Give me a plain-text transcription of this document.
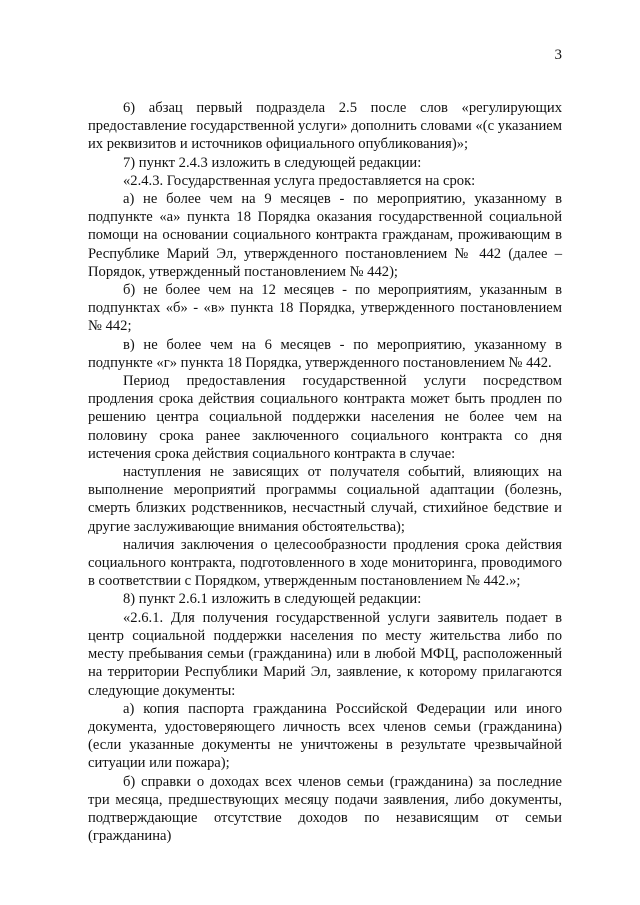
3

6) абзац первый подраздела 2.5 после слов «регулирующих предоставление государственной услуги» дополнить словами «(с указанием их реквизитов и источников официального опубликования)»;

7) пункт 2.4.3 изложить в следующей редакции:

«2.4.3. Государственная услуга предоставляется на срок:

а) не более чем на 9 месяцев - по мероприятию, указанному в подпункте «а» пункта 18 Порядка оказания государственной социальной помощи на основании социального контракта гражданам, проживающим в Республике Марий Эл, утвержденного постановлением № 442 (далее – Порядок, утвержденный постановлением № 442);

б) не более чем на 12 месяцев - по мероприятиям, указанным в подпунктах «б» - «в» пункта 18 Порядка, утвержденного постановлением № 442;

в) не более чем на 6 месяцев - по мероприятию, указанному в подпункте «г» пункта 18 Порядка, утвержденного постановлением № 442.

Период предоставления государственной услуги посредством продления срока действия социального контракта может быть продлен по решению центра социальной поддержки населения не более чем на половину срока ранее заключенного социального контракта со дня истечения срока действия социального контракта в случае:

наступления не зависящих от получателя событий, влияющих на выполнение мероприятий программы социальной адаптации (болезнь, смерть близких родственников, несчастный случай, стихийное бедствие и другие заслуживающие внимания обстоятельства);

наличия заключения о целесообразности продления срока действия социального контракта, подготовленного в ходе мониторинга, проводимого в соответствии с Порядком, утвержденным постановлением № 442.»;

8) пункт 2.6.1 изложить в следующей редакции:

«2.6.1. Для получения государственной услуги заявитель подает в центр социальной поддержки населения по месту жительства либо по месту пребывания семьи (гражданина) или в любой МФЦ, расположенный на территории Республики Марий Эл, заявление, к которому прилагаются следующие документы:

а) копия паспорта гражданина Российской Федерации или иного документа, удостоверяющего личность всех членов семьи (гражданина) (если указанные документы не уничтожены в результате чрезвычайной ситуации или пожара);

б) справки о доходах всех членов семьи (гражданина) за последние три месяца, предшествующих месяцу подачи заявления, либо документы, подтверждающие отсутствие доходов по независящим от семьи (гражданина)
